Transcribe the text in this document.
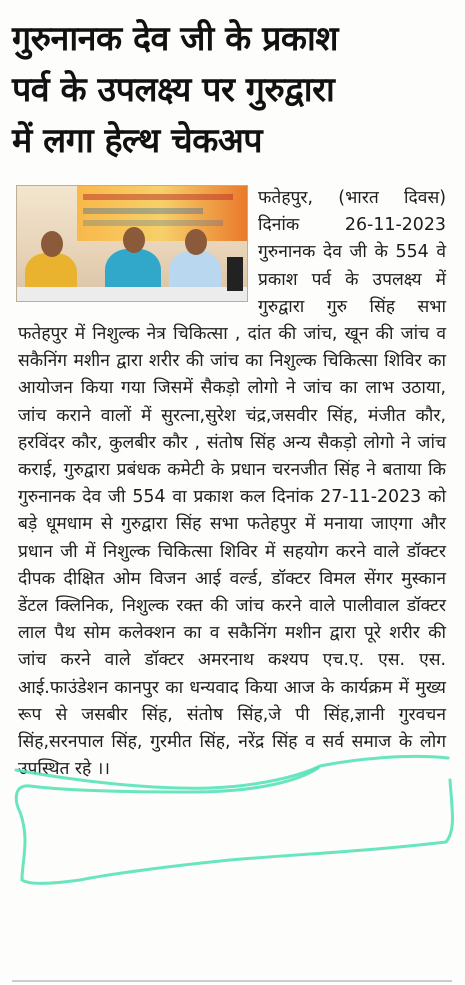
गुरुनानक देव जी के प्रकाश
पर्व के उपलक्ष्य पर गुरुद्वारा
में लगा हेल्थ चेकअप

फतेहपुर, (भारत दिवस) दिनांक 26-11-2023 गुरुनानक देव जी के 554 वे प्रकाश पर्व के उपलक्ष्य में गुरुद्वारा गुरु सिंह सभा फतेहपुर में निशुल्क नेत्र चिकित्सा , दांत की जांच, खून की जांच व सकैनिंग मशीन द्वारा शरीर की जांच का निशुल्क चिकित्सा शिविर का आयोजन किया गया जिसमें सैकड़ो लोगो ने जांच का लाभ उठाया, जांच कराने वालों में सुरत्ना,सुरेश चंद्र,जसवीर सिंह, मंजीत कौर, हरविंदर कौर, कुलबीर कौर , संतोष सिंह अन्य सैकड़ो लोगो ने जांच कराई, गुरुद्वारा प्रबंधक कमेटी के प्रधान चरनजीत सिंह ने बताया कि गुरुनानक देव जी 554 वा प्रकाश कल दिनांक 27-11-2023 को बड़े धूमधाम से गुरुद्वारा सिंह सभा फतेहपुर में मनाया जाएगा और प्रधान जी में निशुल्क चिकित्सा शिविर में सहयोग करने वाले डॉक्टर दीपक दीक्षित ओम विजन आई वर्ल्ड, डॉक्टर विमल सेंगर मुस्कान डेंटल क्लिनिक, निशुल्क रक्त की जांच करने वाले पालीवाल डॉक्टर लाल पैथ सोम कलेक्शन का व सकैनिंग मशीन द्वारा पूरे शरीर की जांच करने वाले डॉक्टर अमरनाथ कश्यप एच.ए. एस. एस. आई.फाउंडेशन कानपुर का धन्यवाद किया आज के कार्यक्रम में मुख्य रूप से जसबीर सिंह, संतोष सिंह,जे पी सिंह,ज्ञानी गुरवचन सिंह,सरनपाल सिंह, गुरमीत सिंह, नरेंद्र सिंह व सर्व समाज के लोग उपस्थित रहे ।।
